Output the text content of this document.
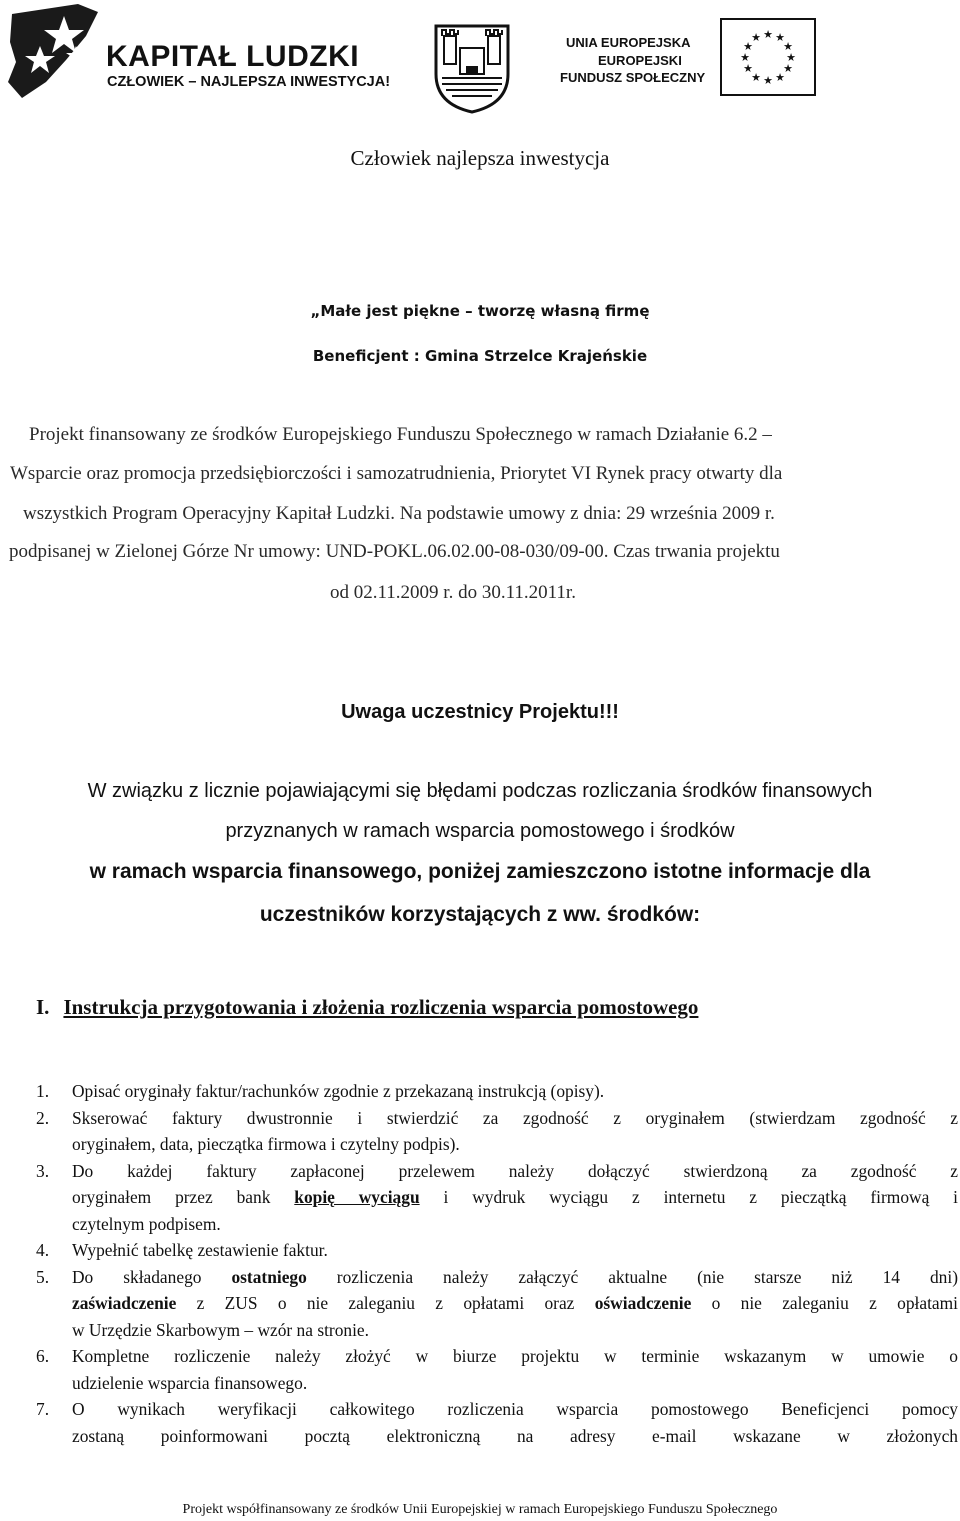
KAPITAŁ LUDZKI
CZŁOWIEK – NAJLEPSZA INWESTYCJA!
UNIA EUROPEJSKA
EUROPEJSKI
FUNDUSZ SPOŁECZNY
★ ★
★
★
★
★
★
★
★
★
★
★
Człowiek najlepsza inwestycja
„Małe jest piękne – tworzę własną firmę
Beneficjent : Gmina Strzelce Krajeńskie
Projekt finansowany ze środków Europejskiego Funduszu Społecznego w ramach Działanie 6.2 –
Wsparcie oraz promocja przedsiębiorczości i samozatrudnienia, Priorytet VI Rynek pracy otwarty dla
wszystkich Program Operacyjny Kapitał Ludzki. Na podstawie umowy z dnia: 29 września 2009 r.
podpisanej w Zielonej Górze Nr umowy: UND-POKL.06.02.00-08-030/09-00. Czas trwania projektu
od 02.11.2009 r. do 30.11.2011r.
Uwaga uczestnicy Projektu!!!
W związku z licznie pojawiającymi się błędami podczas rozliczania środków finansowych
przyznanych w ramach wsparcia pomostowego i środków
w ramach wsparcia finansowego, poniżej zamieszczono istotne informacje dla
uczestników korzystających z ww. środków:
I. Instrukcja przygotowania i złożenia rozliczenia wsparcia pomostowego
1. Opisać oryginały faktur/rachunków zgodnie z przekazaną instrukcją (opisy).
2. Skserować faktury dwustronnie i stwierdzić za zgodność z oryginałem (stwierdzam zgodność z
oryginałem, data, pieczątka firmowa i czytelny podpis).
3. Do każdej faktury zapłaconej przelewem należy dołączyć stwierdzoną za zgodność z
oryginałem przez bank kopię wyciągu i wydruk wyciągu z internetu z pieczątką firmową i
czytelnym podpisem.
4. Wypełnić tabelkę zestawienie faktur.
5. Do składanego ostatniego rozliczenia należy załączyć aktualne (nie starsze niż 14 dni)
zaświadczenie z ZUS o nie zaleganiu z opłatami oraz oświadczenie o nie zaleganiu z opłatami
w Urzędzie Skarbowym – wzór na stronie.
6. Kompletne rozliczenie należy złożyć w biurze projektu w terminie wskazanym w umowie o
udzielenie wsparcia finansowego.
7. O wynikach weryfikacji całkowitego rozliczenia wsparcia pomostowego Beneficjenci pomocy
zostaną poinformowani pocztą elektroniczną na adresy e-mail wskazane w złożonych
Projekt współfinansowany ze środków Unii Europejskiej w ramach Europejskiego Funduszu Społecznego
